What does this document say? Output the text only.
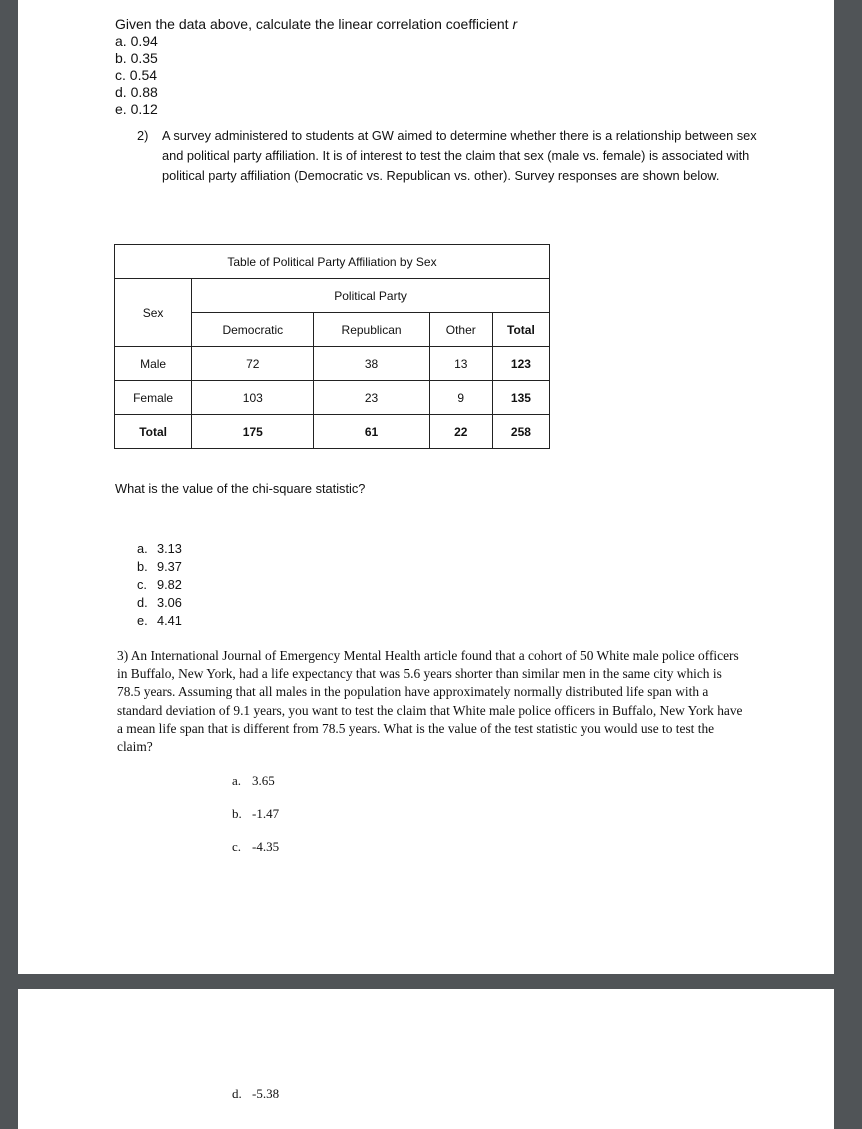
Given the data above, calculate the linear correlation coefficient r
a. 0.94
b. 0.35
c. 0.54
d. 0.88
e. 0.12
2) A survey administered to students at GW aimed to determine whether there is a relationship between sex and political party affiliation. It is of interest to test the claim that sex (male vs. female) is associated with political party affiliation (Democratic vs. Republican vs. other). Survey responses are shown below.
Table of Political Party Affiliation by Sex				
Sex	Political Party			
	Democratic	Republican	Other	Total
Male	72	38	13	123
Female	103	23	9	135
Total	175	61	22	258
What is the value of the chi-square statistic?
a. 3.13
b. 9.37
c. 9.82
d. 3.06
e. 4.41
3) An International Journal of Emergency Mental Health article found that a cohort of 50 White male police officers in Buffalo, New York, had a life expectancy that was 5.6 years shorter than similar men in the same city which is 78.5 years. Assuming that all males in the population have approximately normally distributed life span with a standard deviation of 9.1 years, you want to test the claim that White male police officers in Buffalo, New York have a mean life span that is different from 78.5 years. What is the value of the test statistic you would use to test the claim?
a. 3.65
b. -1.47
c. -4.35
d. -5.38
